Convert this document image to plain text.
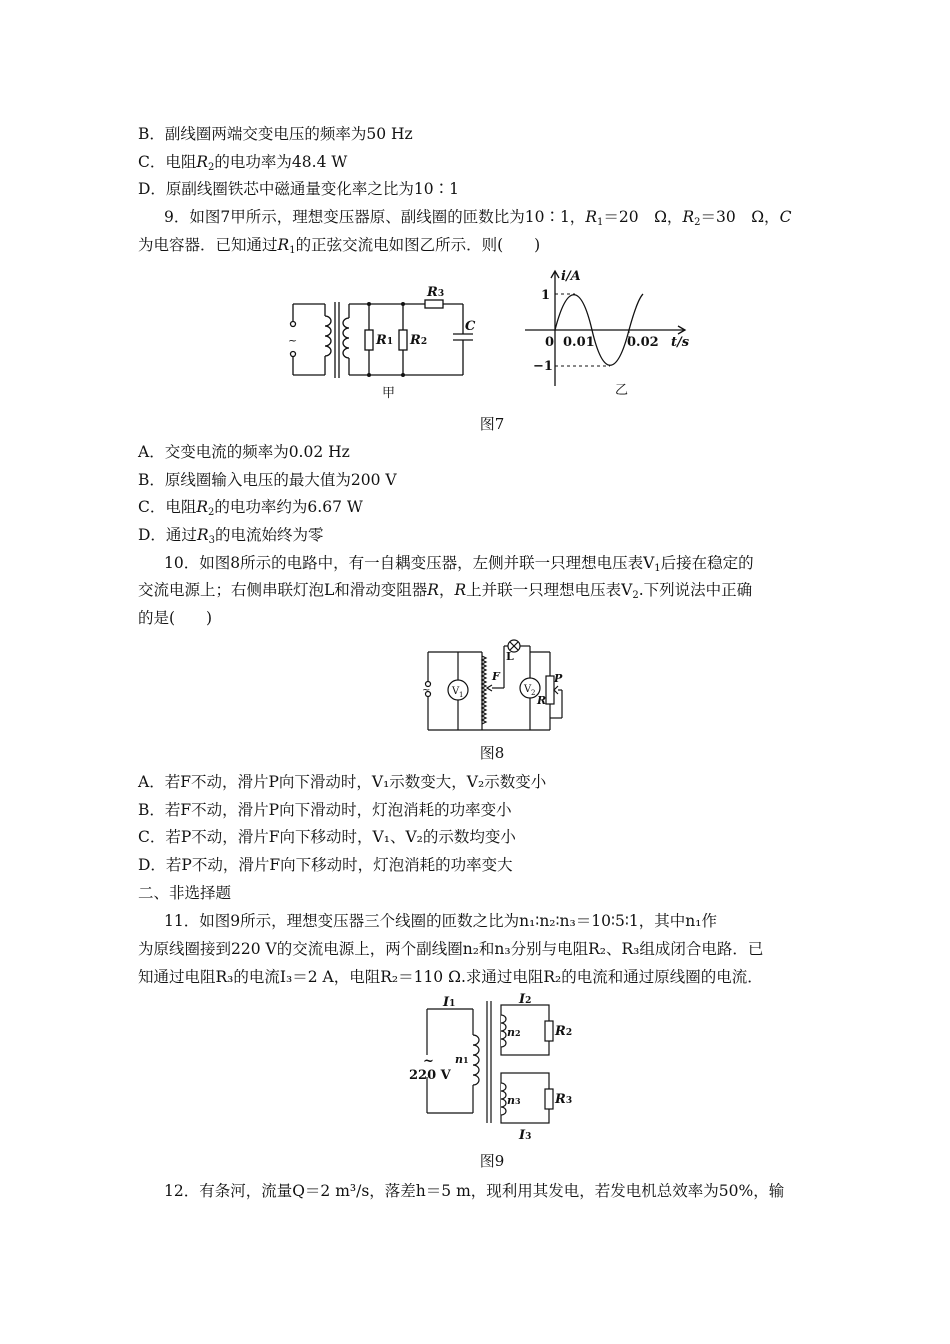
B．副线圈两端交变电压的频率为50 Hz
C．电阻$R_2$的电功率为48.4 W
D．原副线圈铁芯中磁通量变化率之比为10∶1
9．如图7甲所示，理想变压器原、副线圈的匝数比为10∶1，$R_1=20$　Ω，$R_2=30$　Ω，C
为电容器．已知通过$R_1$的正弦交流电如图乙所示．则(　　)
~	R1 R2
R3
C
甲
i/A
1
−1
0 0.01 0.02 t/s
乙
图7
A．交变电流的频率为0.02 Hz
B．原线圈输入电压的最大值为200 V
C．电阻$R_2$的电功率约为6.67 W
D．通过$R_3$的电流始终为零
10．如图8所示的电路中，有一自耦变压器，左侧并联一只理想电压表$V_1$后接在稳定的
交流电源上；右侧串联灯泡L和滑动变阻器R，R上并联一只理想电压表$V_2$.下列说法中正确
的是(　　)
V 1	V 2
~
L
F
R
P
图8
A．若F不动，滑片P向下滑动时，V₁示数变大，V₂示数变小
B．若F不动，滑片P向下滑动时，灯泡消耗的功率变小
C．若P不动，滑片F向下移动时，V₁、V₂的示数均变小
D．若P不动，滑片F向下移动时，灯泡消耗的功率变大
二、非选择题
11．如图9所示，理想变压器三个线圈的匝数之比为n₁∶n₂∶n₃＝10∶5∶1，其中n₁作
为原线圈接到220 V的交流电源上，两个副线圈n₂和n₃分别与电阻R₂、R₃组成闭合电路．已
知通过电阻R₃的电流I₃＝2 A，电阻R₂＝110 Ω.求通过电阻R₂的电流和通过原线圈的电流．
I1
~
220 V
n1
I2
n2	R2
n3	R3
I3
图9
12．有条河，流量Q＝2 m³/s，落差h＝5 m，现利用其发电，若发电机总效率为50%，输
